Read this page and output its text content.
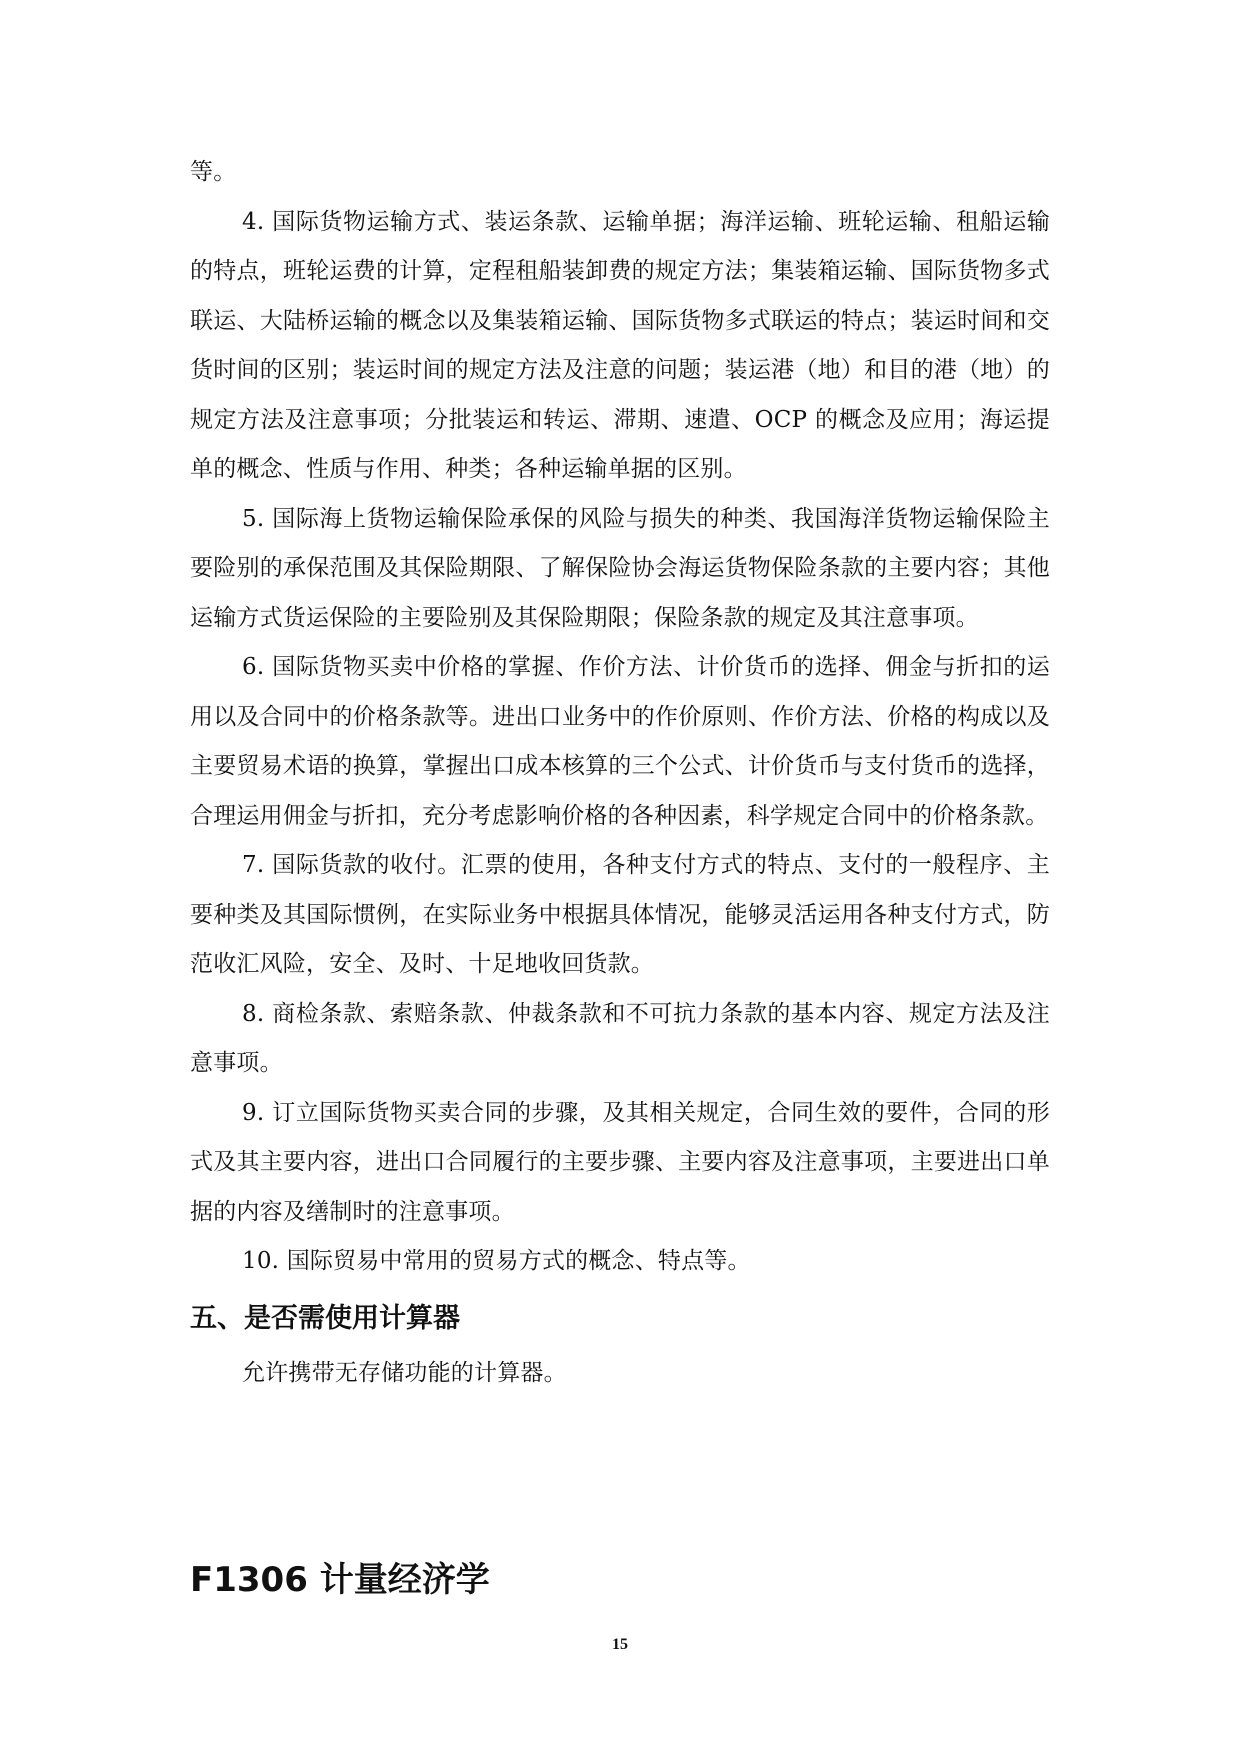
等。

4. 国际货物运输方式、装运条款、运输单据；海洋运输、班轮运输、租船运输的特点，班轮运费的计算，定程租船装卸费的规定方法；集装箱运输、国际货物多式联运、大陆桥运输的概念以及集装箱运输、国际货物多式联运的特点；装运时间和交货时间的区别；装运时间的规定方法及注意的问题；装运港（地）和目的港（地）的规定方法及注意事项；分批装运和转运、滞期、速遣、OCP 的概念及应用；海运提单的概念、性质与作用、种类；各种运输单据的区别。

5. 国际海上货物运输保险承保的风险与损失的种类、我国海洋货物运输保险主要险别的承保范围及其保险期限、了解保险协会海运货物保险条款的主要内容；其他运输方式货运保险的主要险别及其保险期限；保险条款的规定及其注意事项。

6. 国际货物买卖中价格的掌握、作价方法、计价货币的选择、佣金与折扣的运用以及合同中的价格条款等。进出口业务中的作价原则、作价方法、价格的构成以及主要贸易术语的换算，掌握出口成本核算的三个公式、计价货币与支付货币的选择，合理运用佣金与折扣，充分考虑影响价格的各种因素，科学规定合同中的价格条款。

7. 国际货款的收付。汇票的使用，各种支付方式的特点、支付的一般程序、主要种类及其国际惯例，在实际业务中根据具体情况，能够灵活运用各种支付方式，防范收汇风险，安全、及时、十足地收回货款。

8. 商检条款、索赔条款、仲裁条款和不可抗力条款的基本内容、规定方法及注意事项。

9. 订立国际货物买卖合同的步骤，及其相关规定，合同生效的要件，合同的形式及其主要内容，进出口合同履行的主要步骤、主要内容及注意事项，主要进出口单据的内容及缮制时的注意事项。

10. 国际贸易中常用的贸易方式的概念、特点等。

五、是否需使用计算器

允许携带无存储功能的计算器。

F1306 计量经济学
15
